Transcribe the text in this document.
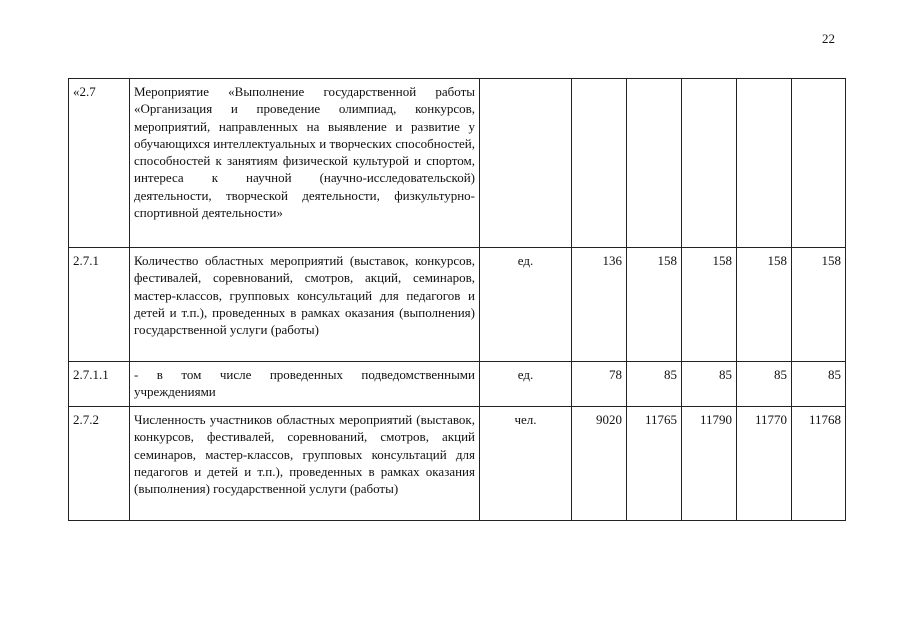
22
«2.7	Мероприятие «Выполнение государственной работы «Организация и проведение олимпиад, конкурсов, мероприятий, направленных на выявление и развитие у обучающихся интеллектуальных и творческих способностей, способностей к занятиям физической культурой и спортом, интереса к научной (научно-исследовательской) деятельности, творческой деятельности, физкультурно-спортивной деятельности»						
2.7.1	Количество областных мероприятий (выставок, конкурсов, фестивалей, соревнований, смотров, акций, семинаров, мастер-классов, групповых консультаций для педагогов и детей и т.п.), проведенных в рамках оказания (выполнения) государственной услуги (работы)	ед.	136	158	158	158	158
2.7.1.1	- в том числе проведенных подведомственными учреждениями	ед.	78	85	85	85	85
2.7.2	Численность участников областных мероприятий (выставок, конкурсов, фестивалей, соревнований, смотров, акций семинаров, мастер-классов, групповых консультаций для педагогов и детей и т.п.), проведенных в рамках оказания (выполнения) государственной услуги (работы)	чел.	9020	11765	11790	11770	11768
